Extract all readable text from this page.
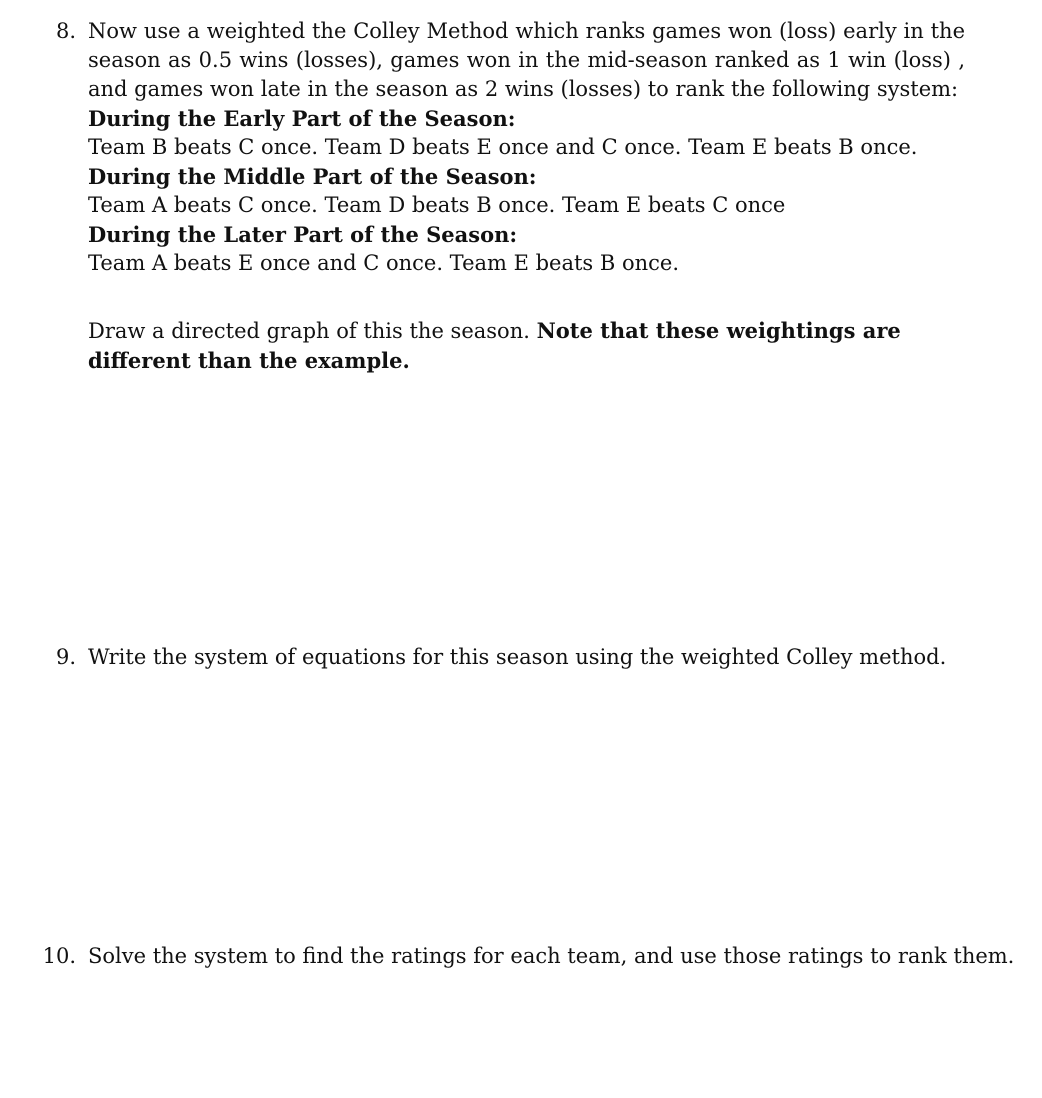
8. Now use a weighted the Colley Method which ranks games won (loss) early in the season as 0.5 wins (losses), games won in the mid-season ranked as 1 win (loss) , and games won late in the season as 2 wins (losses) to rank the following system:

During the Early Part of the Season:
Team B beats C once. Team D beats E once and C once. Team E beats B once.
During the Middle Part of the Season:
Team A beats C once. Team D beats B once. Team E beats C once
During the Later Part of the Season:
Team A beats E once and C once. Team E beats B once.

Draw a directed graph of this the season. Note that these weightings are different than the example.

9. Write the system of equations for this season using the weighted Colley method.
10. Solve the system to find the ratings for each team, and use those ratings to rank them.
